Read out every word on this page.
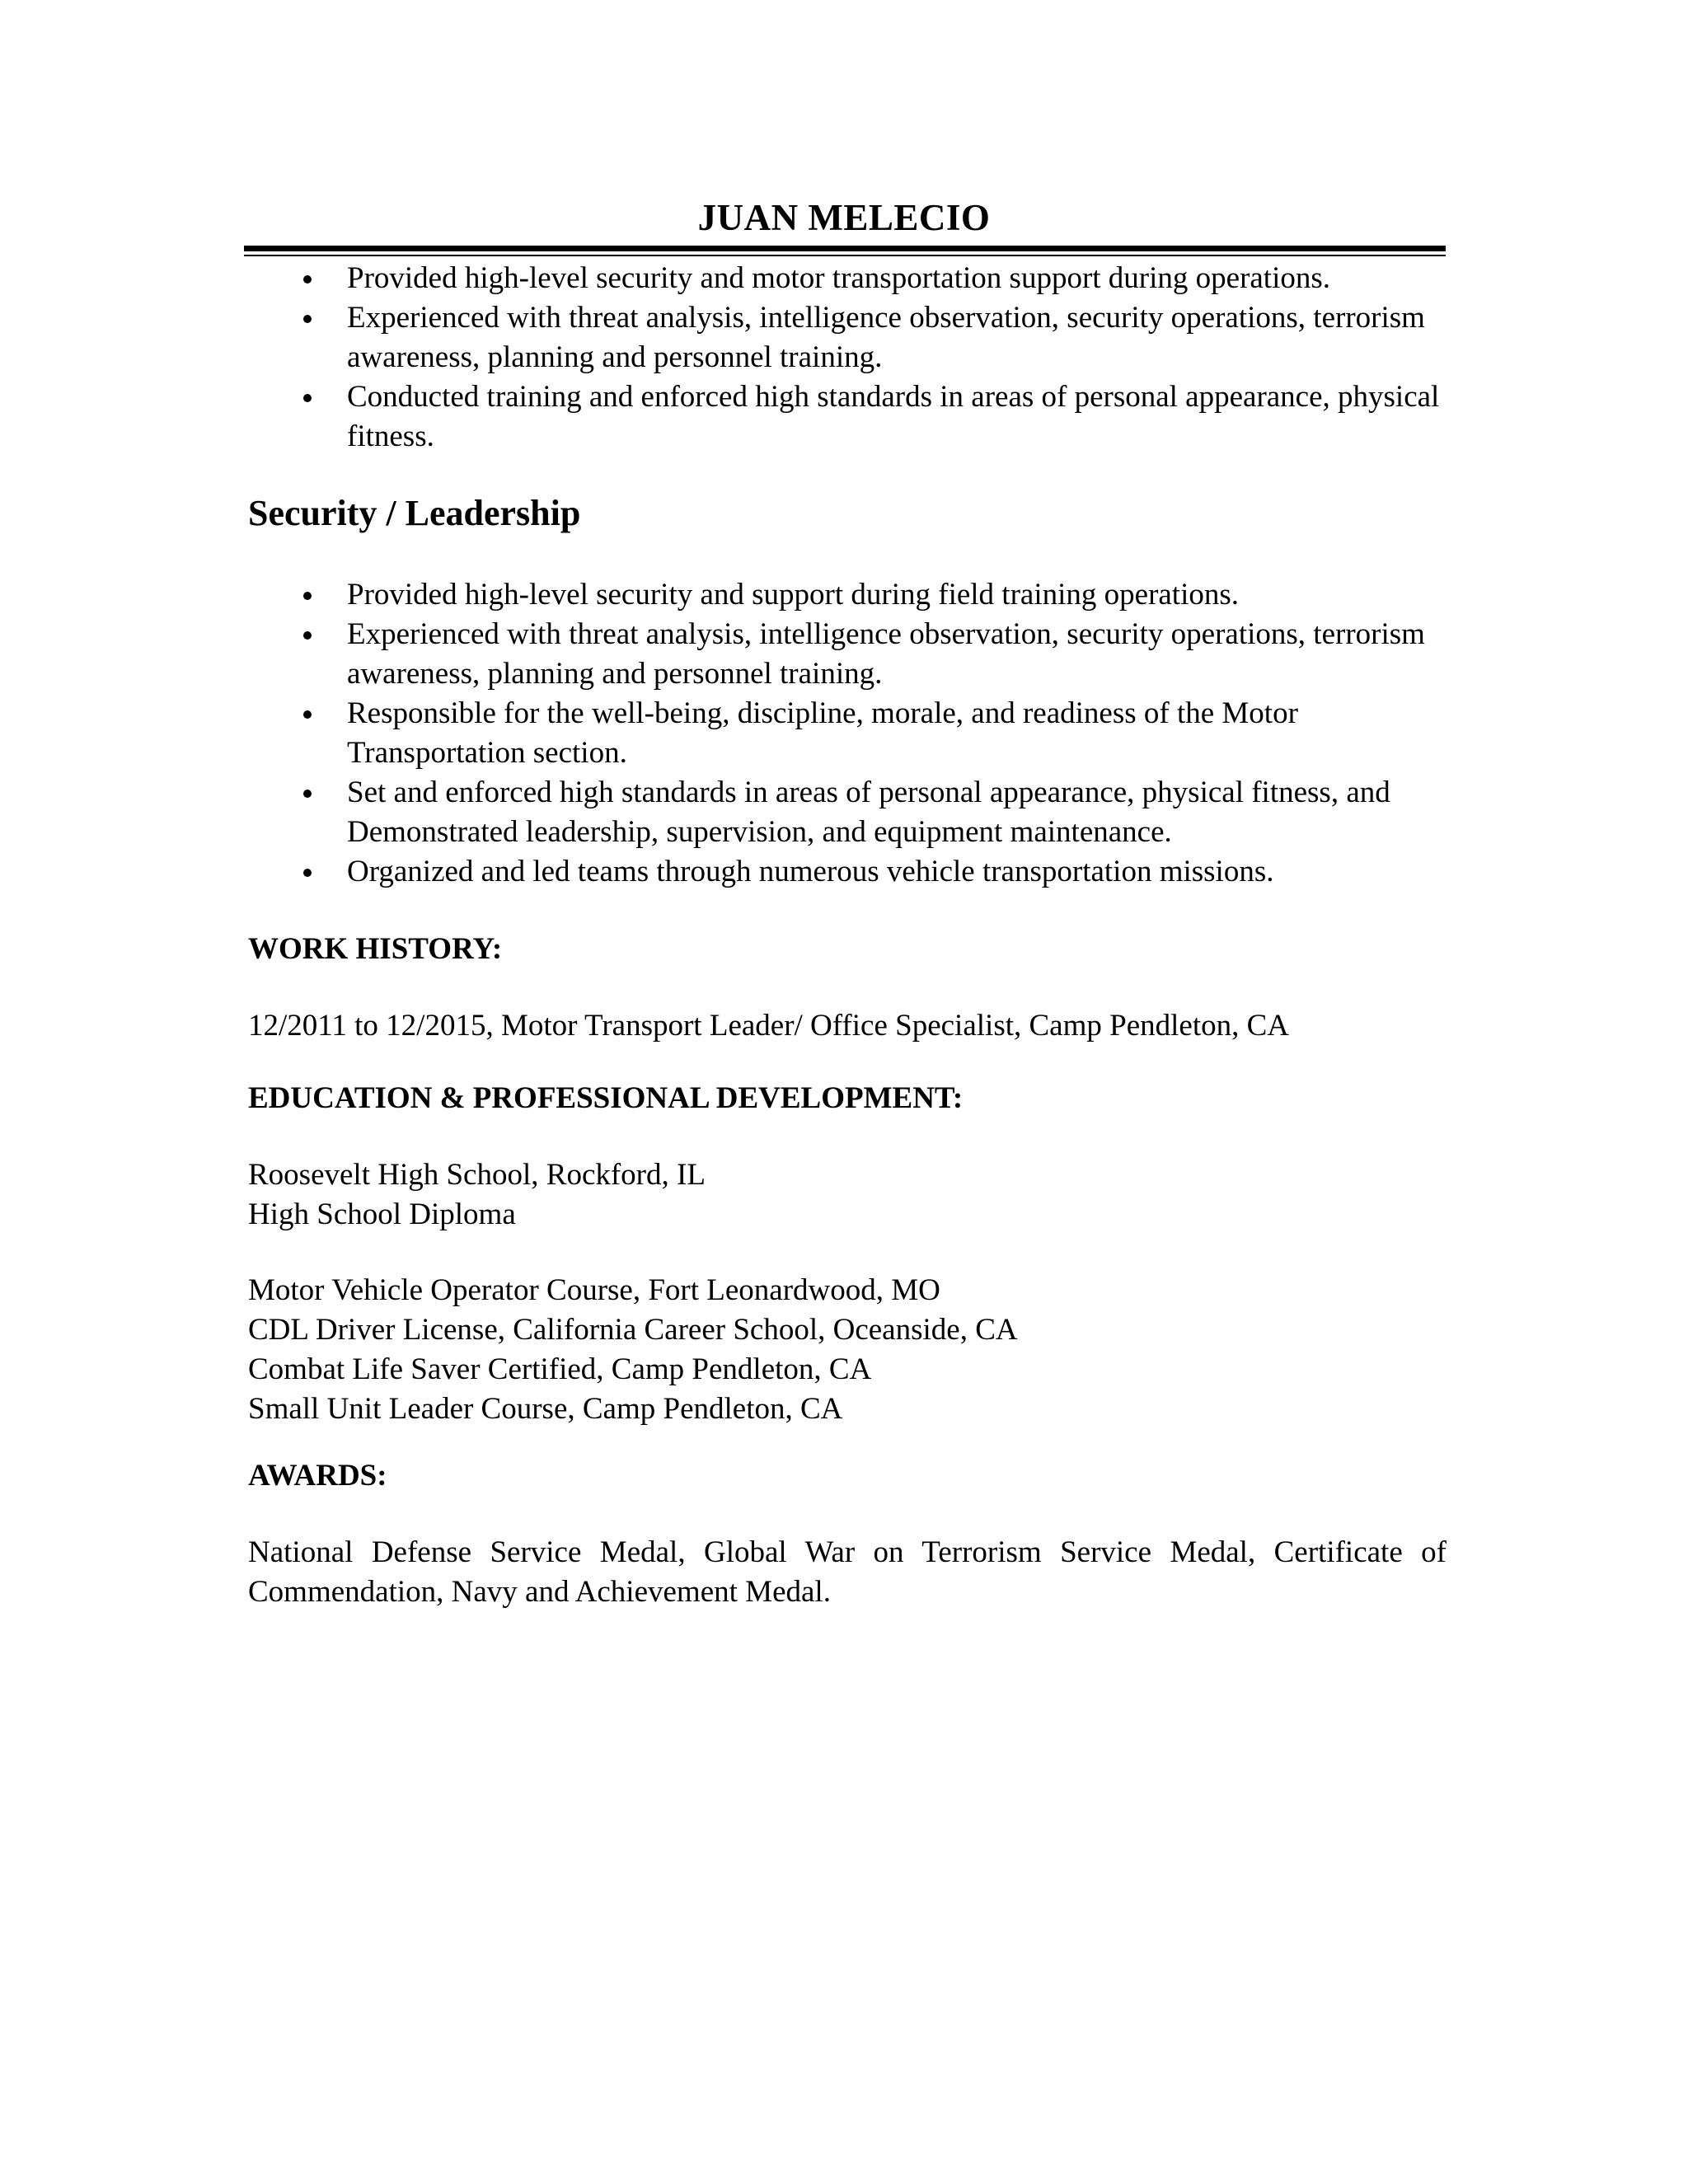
JUAN MELECIO
Provided high-level security and motor transportation support during operations.
Experienced with threat analysis, intelligence observation, security operations, terrorism awareness, planning and personnel training.
Conducted training and enforced high standards in areas of personal appearance, physical fitness.
Security / Leadership
Provided high-level security and support during field training operations.
Experienced with threat analysis, intelligence observation, security operations, terrorism awareness, planning and personnel training.
Responsible for the well-being, discipline, morale, and readiness of the Motor Transportation section.
Set and enforced high standards in areas of personal appearance, physical fitness, and Demonstrated leadership, supervision, and equipment maintenance.
Organized and led teams through numerous vehicle transportation missions.
WORK HISTORY:
12/2011 to 12/2015, Motor Transport Leader/ Office Specialist, Camp Pendleton, CA
EDUCATION & PROFESSIONAL DEVELOPMENT:
Roosevelt High School, Rockford, IL
High School Diploma
Motor Vehicle Operator Course, Fort Leonardwood, MO
CDL Driver License, California Career School, Oceanside, CA
Combat Life Saver Certified, Camp Pendleton, CA
Small Unit Leader Course, Camp Pendleton, CA
AWARDS:
National Defense Service Medal, Global War on Terrorism Service Medal, Certificate of Commendation, Navy and Achievement Medal.
